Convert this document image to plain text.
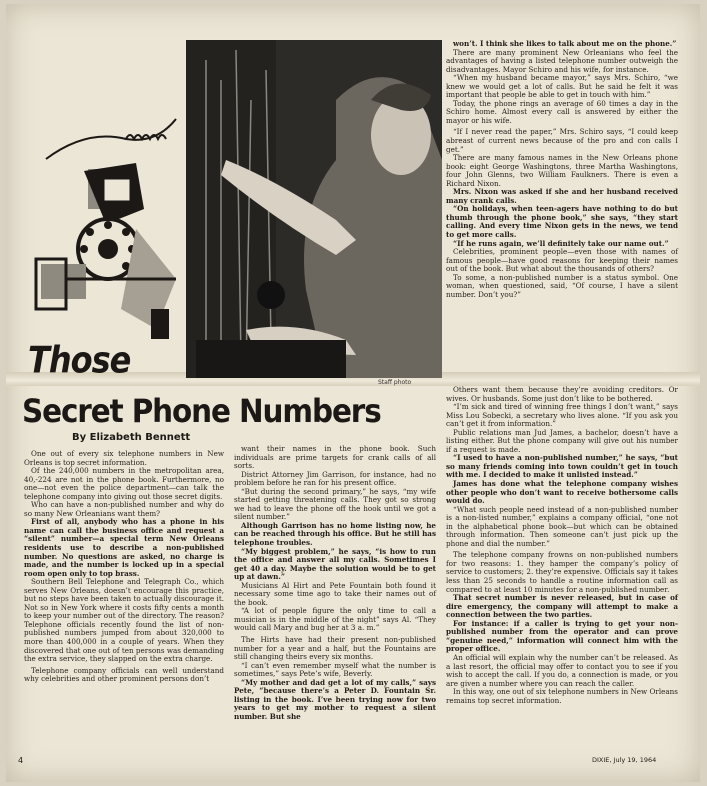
Staff photo
Those
Secret Phone Numbers
By Elizabeth Bennett

One out of every six telephone numbers in New Orleans is top secret information.

Of the 240,000 numbers in the metropolitan area, 40,-224 are not in the phone book. Furthermore, no one—not even the police department—can talk the telephone company into giving out those secret digits.

Who can have a non-published number and why do so many New Orleanians want them?

First of all, anybody who has a phone in his name can call the business office and request a “silent” number—a special term New Orleans residents use to describe a non-published number. No questions are asked, no charge is made, and the number is locked up in a special room open only to top brass.

Southern Bell Telephone and Telegraph Co., which serves New Orleans, doesn’t encourage this practice, but no steps have been taken to actually discourage it. Not so in New York where it costs fifty cents a month to keep your number out of the directory. The reason? Telephone officials recently found the list of non-published numbers jumped from about 320,000 to more than 400,000 in a couple of years. When they discovered that one out of ten persons was demanding the extra service, they slapped on the extra charge.

Telephone company officials can well understand why celebrities and other prominent persons don’t

want their names in the phone book. Such individuals are prime targets for crank calls of all sorts.

District Attorney Jim Garrison, for instance, had no problem before he ran for his present office.

“But during the second primary,” he says, “my wife started getting threatening calls. They got so strong we had to leave the phone off the hook until we got a silent number.”

Although Garrison has no home listing now, he can be reached through his office. But he still has telephone troubles.

“My biggest problem,” he says, “is how to run the office and answer all my calls. Sometimes I get 40 a day. Maybe the solution would be to get up at dawn.”

Musicians Al Hirt and Pete Fountain both found it necessary some time ago to take their names out of the book.

“A lot of people figure the only time to call a musician is in the middle of the night” says Al. “They would call Mary and bug her at 3 a. m.”

The Hirts have had their present non-published number for a year and a half, but the Fountains are still changing theirs every six months.

“I can’t even remember myself what the number is sometimes,” says Pete’s wife, Beverly.

“My mother and dad get a lot of my calls,” says Pete, “because there’s a Peter D. Fountain Sr. listing in the book. I’ve been trying now for two years to get my mother to request a silent number. But she

won’t. I think she likes to talk about me on the phone.”

There are many prominent New Orleanians who feel the advantages of having a listed telephone number outweigh the disadvantages. Mayor Schiro and his wife, for instance.

“When my husband became mayor,” says Mrs. Schiro, “we knew we would get a lot of calls. But he said he felt it was important that people be able to get in touch with him.”

Today, the phone rings an average of 60 times a day in the Schiro home. Almost every call is answered by either the mayor or his wife.

“If I never read the paper,” Mrs. Schiro says, “I could keep abreast of current news because of the pro and con calls I get.”

There are many famous names in the New Orleans phone book: eight George Washingtons, three Martha Washingtons, four John Glenns, two William Faulkners. There is even a Richard Nixon.

Mrs. Nixon was asked if she and her husband received many crank calls.

“On holidays, when teen-agers have nothing to do but thumb through the phone book,” she says, “they start calling. And every time Nixon gets in the news, we tend to get more calls.

“If he runs again, we’ll definitely take our name out.”

Celebrities, prominent people—even those with names of famous people—have good reasons for keeping their names out of the book. But what about the thousands of others?

To some, a non-published number is a status symbol. One woman, when questioned, said, “Of course, I have a silent number. Don’t you?”

Others want them because they’re avoiding creditors. Or wives. Or husbands. Some just don’t like to be bothered.

“I’m sick and tired of winning free things I don’t want,” says Miss Lou Sobecki, a secretary who lives alone. “If you ask you can’t get it from information.”

Public relations man Jud James, a bachelor, doesn’t have a listing either. But the phone company will give out his number if a request is made.

“I used to have a non-published number,” he says, “but so many friends coming into town couldn’t get in touch with me. I decided to make it unlisted instead.”

James has done what the telephone company wishes other people who don’t want to receive bothersome calls would do.

“What such people need instead of a non-published number is a non-listed number,” explains a company official, “one not in the alphabetical phone book—but which can be obtained through information. Then someone can’t just pick up the phone and dial the number.”

The telephone company frowns on non-published numbers for two reasons: 1. they hamper the company’s policy of service to customers; 2. they’re expensive. Officials say it takes less than 25 seconds to handle a routine information call as compared to at least 10 minutes for a non-published number.

That secret number is never released, but in case of dire emergency, the company will attempt to make a connection between the two parties.

For instance: if a caller is trying to get your non-published number from the operator and can prove “genuine need,” information will connect him with the proper office.

An official will explain why the number can’t be released. As a last resort, the official may offer to contact you to see if you wish to accept the call. If you do, a connection is made, or you are given a number where you can reach the caller.

In this way, one out of six telephone numbers in New Orleans remains top secret information.

4	DIXIE, July 19, 1964
